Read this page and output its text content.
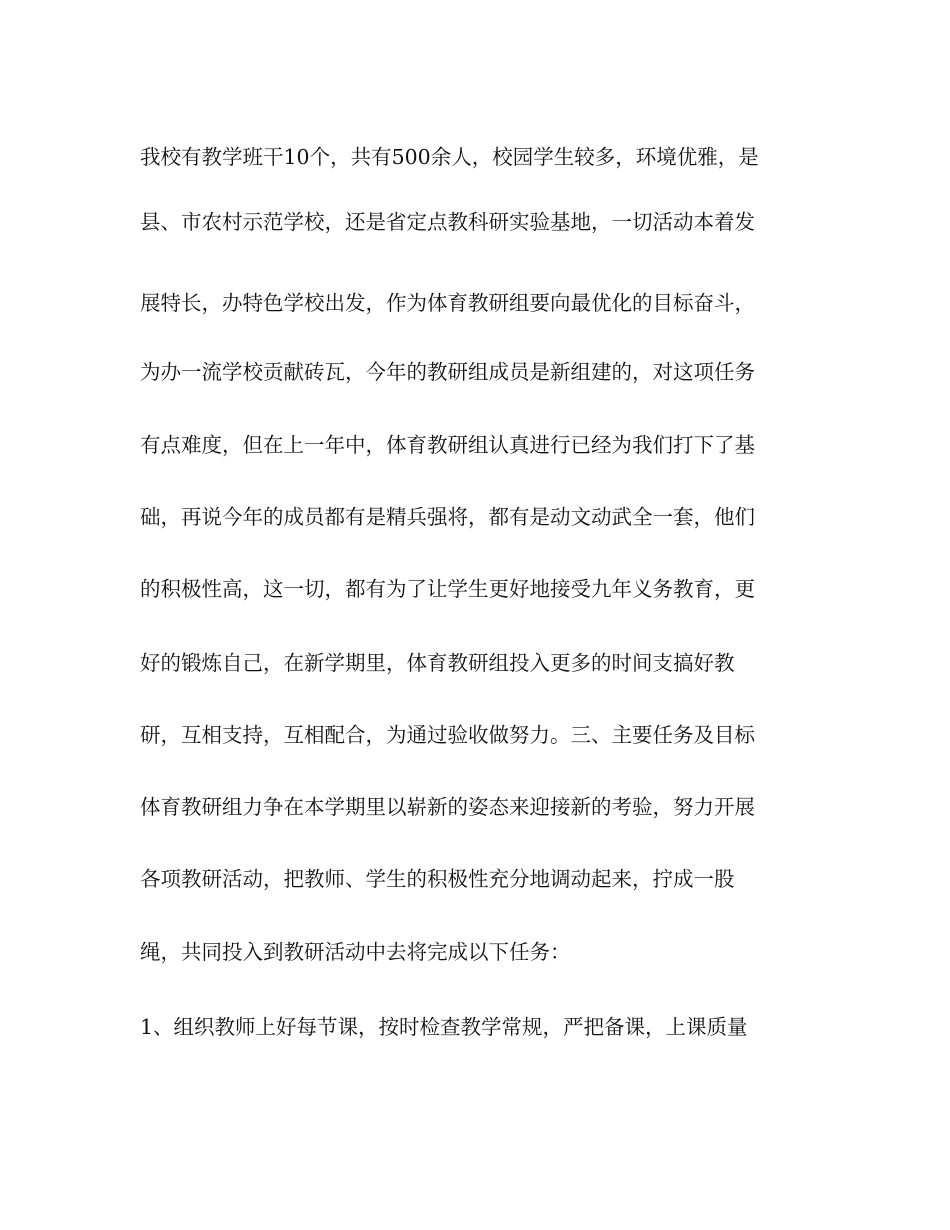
我校有教学班干10个，共有500余人，校园学生较多，环境优雅，是
县、市农村示范学校，还是省定点教科研实验基地，一切活动本着发
展特长，办特色学校出发，作为体育教研组要向最优化的目标奋斗，
为办一流学校贡献砖瓦，今年的教研组成员是新组建的，对这项任务
有点难度，但在上一年中，体育教研组认真进行已经为我们打下了基
础，再说今年的成员都有是精兵强将，都有是动文动武全一套，他们
的积极性高，这一切，都有为了让学生更好地接受九年义务教育，更
好的锻炼自己，在新学期里，体育教研组投入更多的时间支搞好教
研，互相支持，互相配合，为通过验收做努力。三、主要任务及目标
体育教研组力争在本学期里以崭新的姿态来迎接新的考验，努力开展
各项教研活动，把教师、学生的积极性充分地调动起来，拧成一股
绳，共同投入到教研活动中去将完成以下任务：
1、组织教师上好每节课，按时检查教学常规，严把备课，上课质量
